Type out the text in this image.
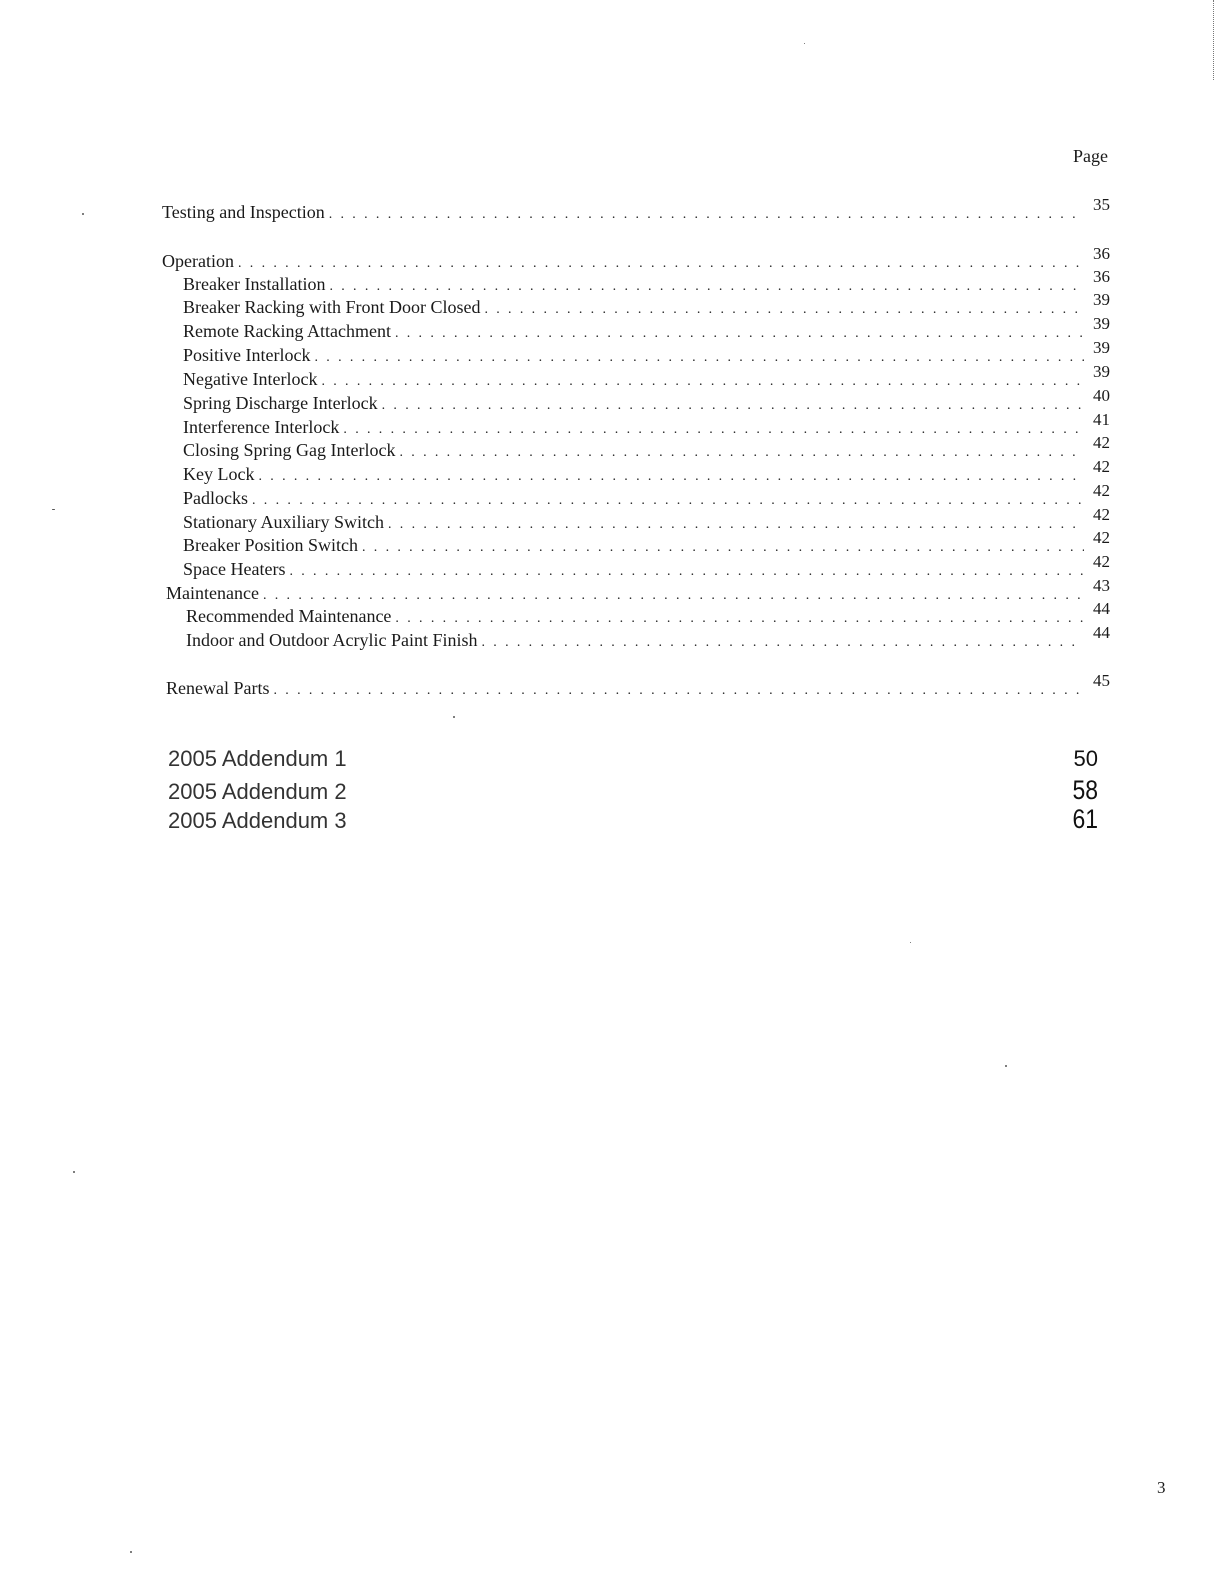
Page
Testing and Inspection . . .	35
Operation . . .	36
Breaker Installation . . .	36
Breaker Racking with Front Door Closed . . .	39
Remote Racking Attachment . . .	39
Positive Interlock . . .	39
Negative Interlock . . .	39
Spring Discharge Interlock . . .	40
Interference Interlock . . .	41
Closing Spring Gag Interlock . . .	42
Key Lock . . .	42
Padlocks . . .	42
Stationary Auxiliary Switch . . .	42
Breaker Position Switch . . .	42
Space Heaters . . .	42
Maintenance . . .	43
Recommended Maintenance . . .	44
Indoor and Outdoor Acrylic Paint Finish . . .	44
Renewal Parts . . .	45
2005 Addendum 1	50
2005 Addendum 2	58
2005 Addendum 3	61
3
